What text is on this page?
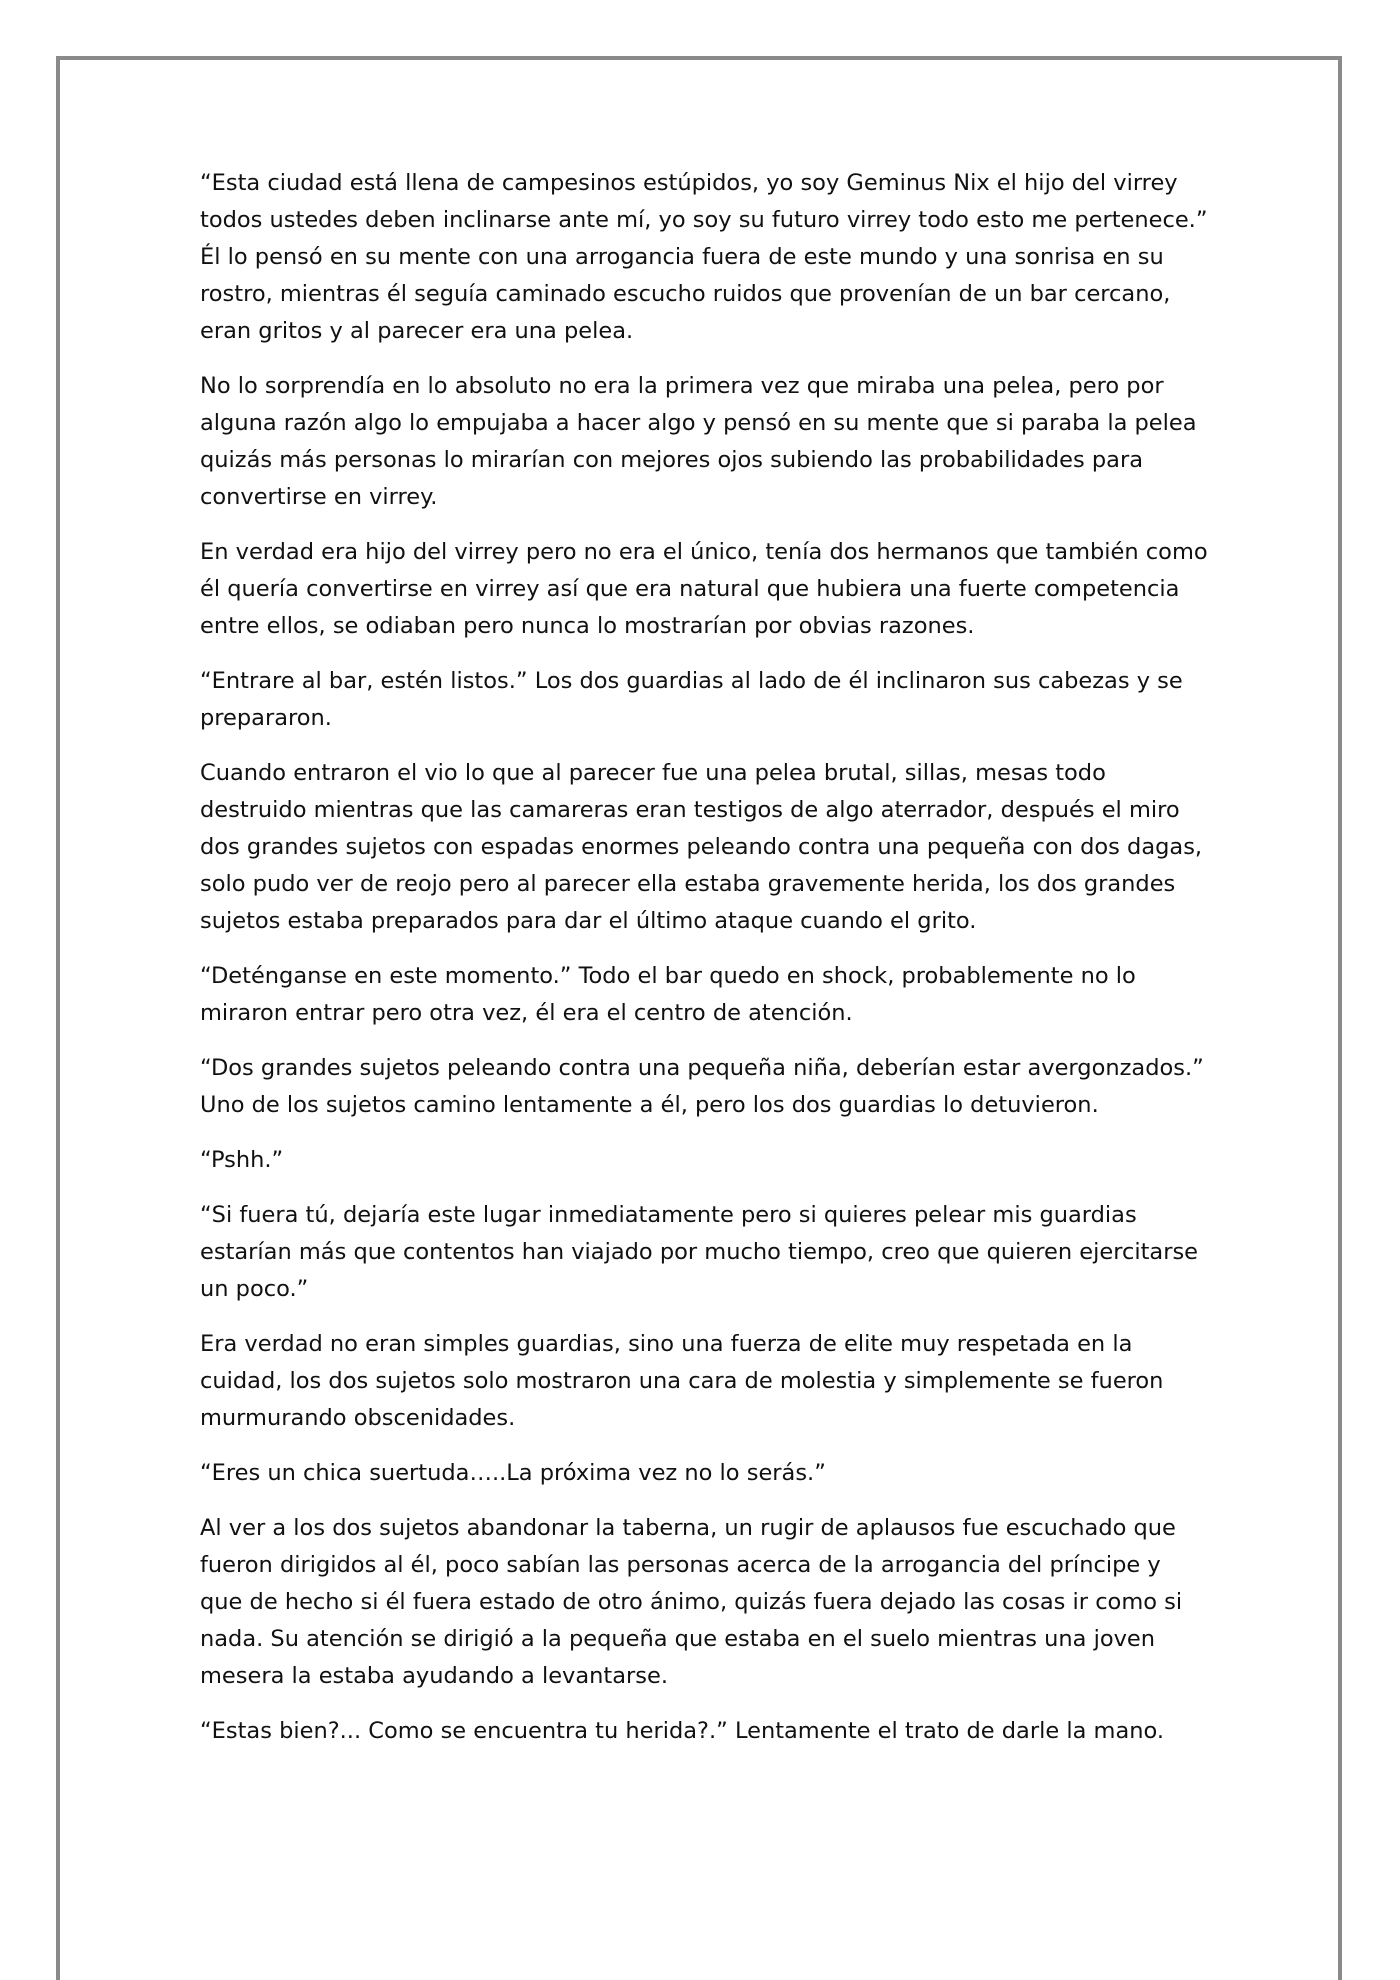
“Esta ciudad está llena de campesinos estúpidos, yo soy Geminus Nix el hijo del virrey todos ustedes deben inclinarse ante mí, yo soy su futuro virrey todo esto me pertenece.” Él lo pensó en su mente con una arrogancia fuera de este mundo y una sonrisa en su rostro, mientras él seguía caminado escucho ruidos que provenían de un bar cercano, eran gritos y al parecer era una pelea.

No lo sorprendía en lo absoluto no era la primera vez que miraba una pelea, pero por alguna razón algo lo empujaba a hacer algo y pensó en su mente que si paraba la pelea quizás más personas lo mirarían con mejores ojos subiendo las probabilidades para convertirse en virrey.

En verdad era hijo del virrey pero no era el único, tenía dos hermanos que también como él quería convertirse en virrey así que era natural que hubiera una fuerte competencia entre ellos, se odiaban pero nunca lo mostrarían por obvias razones.

“Entrare al bar, estén listos.” Los dos guardias al lado de él inclinaron sus cabezas y se prepararon.

Cuando entraron el vio lo que al parecer fue una pelea brutal, sillas, mesas todo destruido mientras que las camareras eran testigos de algo aterrador, después el miro dos grandes sujetos con espadas enormes peleando contra una pequeña con dos dagas, solo pudo ver de reojo pero al parecer ella estaba gravemente herida, los dos grandes sujetos estaba preparados para dar el último ataque cuando el grito.

“Deténganse en este momento.” Todo el bar quedo en shock, probablemente no lo miraron entrar pero otra vez, él era el centro de atención.

“Dos grandes sujetos peleando contra una pequeña niña, deberían estar avergonzados.” Uno de los sujetos camino lentamente a él, pero los dos guardias lo detuvieron.

“Pshh.”

“Si fuera tú, dejaría este lugar inmediatamente pero si quieres pelear mis guardias estarían más que contentos han viajado por mucho tiempo, creo que quieren ejercitarse un poco.”

Era verdad no eran simples guardias, sino una fuerza de elite muy respetada en la cuidad, los dos sujetos solo mostraron una cara de molestia y simplemente se fueron murmurando obscenidades.

“Eres un chica suertuda…..La próxima vez no lo serás.”

Al ver a los dos sujetos abandonar la taberna, un rugir de aplausos fue escuchado que fueron dirigidos al él, poco sabían las personas acerca de la arrogancia del príncipe y que de hecho si él fuera estado de otro ánimo, quizás fuera dejado las cosas ir como si nada. Su atención se dirigió a la pequeña que estaba en el suelo mientras una joven mesera la estaba ayudando a levantarse.

“Estas bien?... Como se encuentra tu herida?.” Lentamente el trato de darle la mano.
